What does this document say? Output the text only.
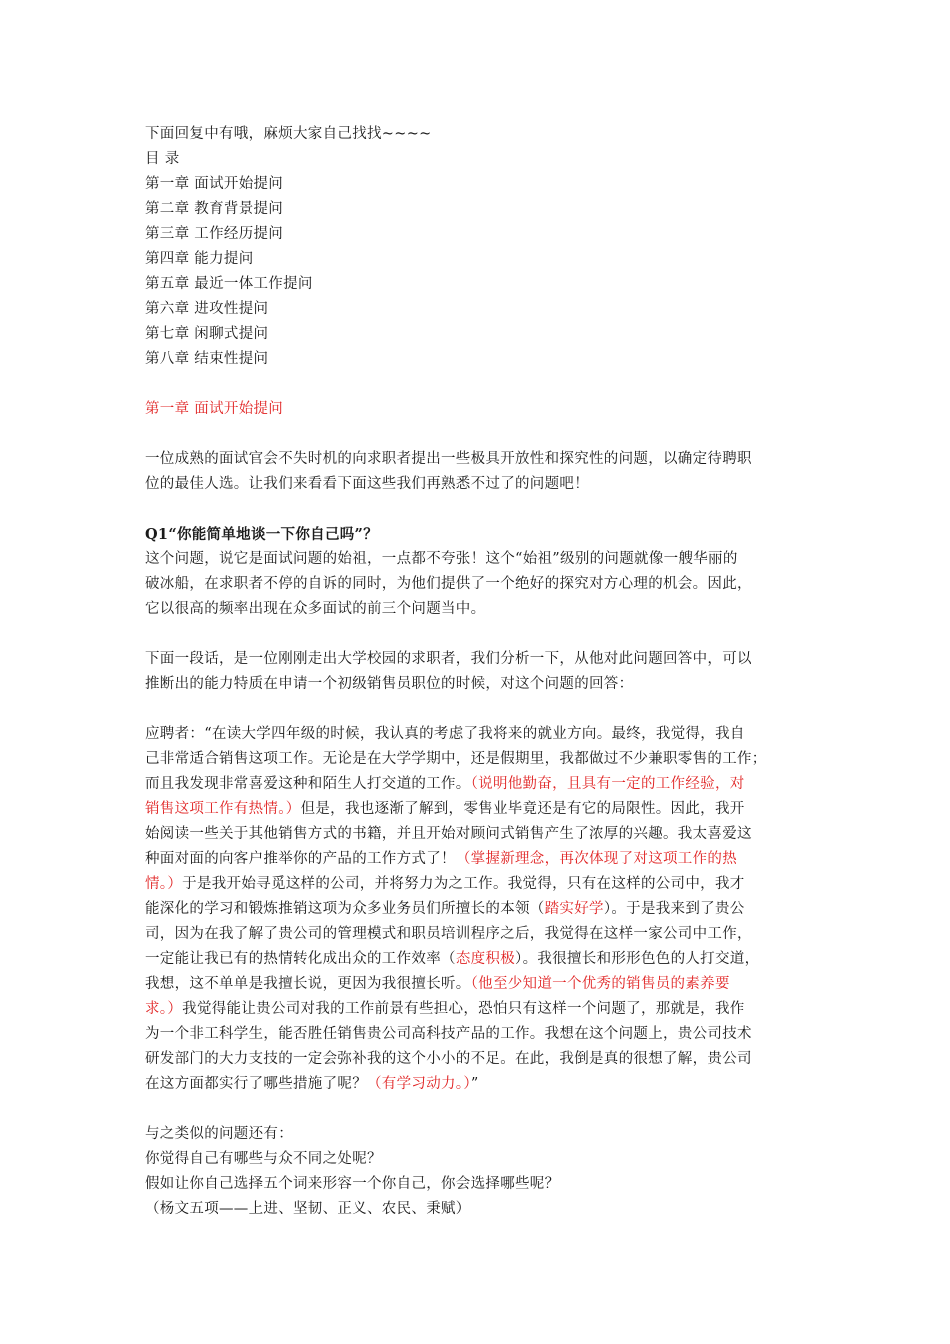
下面回复中有哦，麻烦大家自己找找~~~~
目 录
第一章 面试开始提问
第二章 教育背景提问
第三章 工作经历提问
第四章 能力提问
第五章 最近一体工作提问
第六章 进攻性提问
第七章 闲聊式提问
第八章 结束性提问
第一章 面试开始提问
一位成熟的面试官会不失时机的向求职者提出一些极具开放性和探究性的问题，以确定待聘职
位的最佳人选。让我们来看看下面这些我们再熟悉不过了的问题吧！
Q1“你能简单地谈一下你自己吗”？
这个问题，说它是面试问题的始祖，一点都不夸张！这个“始祖”级别的问题就像一艘华丽的
破冰船，在求职者不停的自诉的同时，为他们提供了一个绝好的探究对方心理的机会。因此，
它以很高的频率出现在众多面试的前三个问题当中。
下面一段话，是一位刚刚走出大学校园的求职者，我们分析一下，从他对此问题回答中，可以
推断出的能力特质在申请一个初级销售员职位的时候，对这个问题的回答：
应聘者：“在读大学四年级的时候，我认真的考虑了我将来的就业方向。最终，我觉得，我自
己非常适合销售这项工作。无论是在大学学期中，还是假期里，我都做过不少兼职零售的工作；
而且我发现非常喜爱这种和陌生人打交道的工作。（说明他勤奋，且具有一定的工作经验，对
销售这项工作有热情。）但是，我也逐渐了解到，零售业毕竟还是有它的局限性。因此，我开
始阅读一些关于其他销售方式的书籍，并且开始对顾问式销售产生了浓厚的兴趣。我太喜爱这
种面对面的向客户推举你的产品的工作方式了！（掌握新理念，再次体现了对这项工作的热
情。）于是我开始寻觅这样的公司，并将努力为之工作。我觉得，只有在这样的公司中，我才
能深化的学习和锻炼推销这项为众多业务员们所擅长的本领（踏实好学）。于是我来到了贵公
司，因为在我了解了贵公司的管理模式和职员培训程序之后，我觉得在这样一家公司中工作，
一定能让我已有的热情转化成出众的工作效率（态度积极）。我很擅长和形形色色的人打交道，
我想，这不单单是我擅长说，更因为我很擅长听。（他至少知道一个优秀的销售员的素养要
求。）我觉得能让贵公司对我的工作前景有些担心，恐怕只有这样一个问题了，那就是，我作
为一个非工科学生，能否胜任销售贵公司高科技产品的工作。我想在这个问题上，贵公司技术
研发部门的大力支技的一定会弥补我的这个小小的不足。在此，我倒是真的很想了解，贵公司
在这方面都实行了哪些措施了呢？（有学习动力。）”
与之类似的问题还有：
你觉得自己有哪些与众不同之处呢？
假如让你自己选择五个词来形容一个你自己，你会选择哪些呢？
（杨文五项——上进、坚韧、正义、农民、秉赋）
